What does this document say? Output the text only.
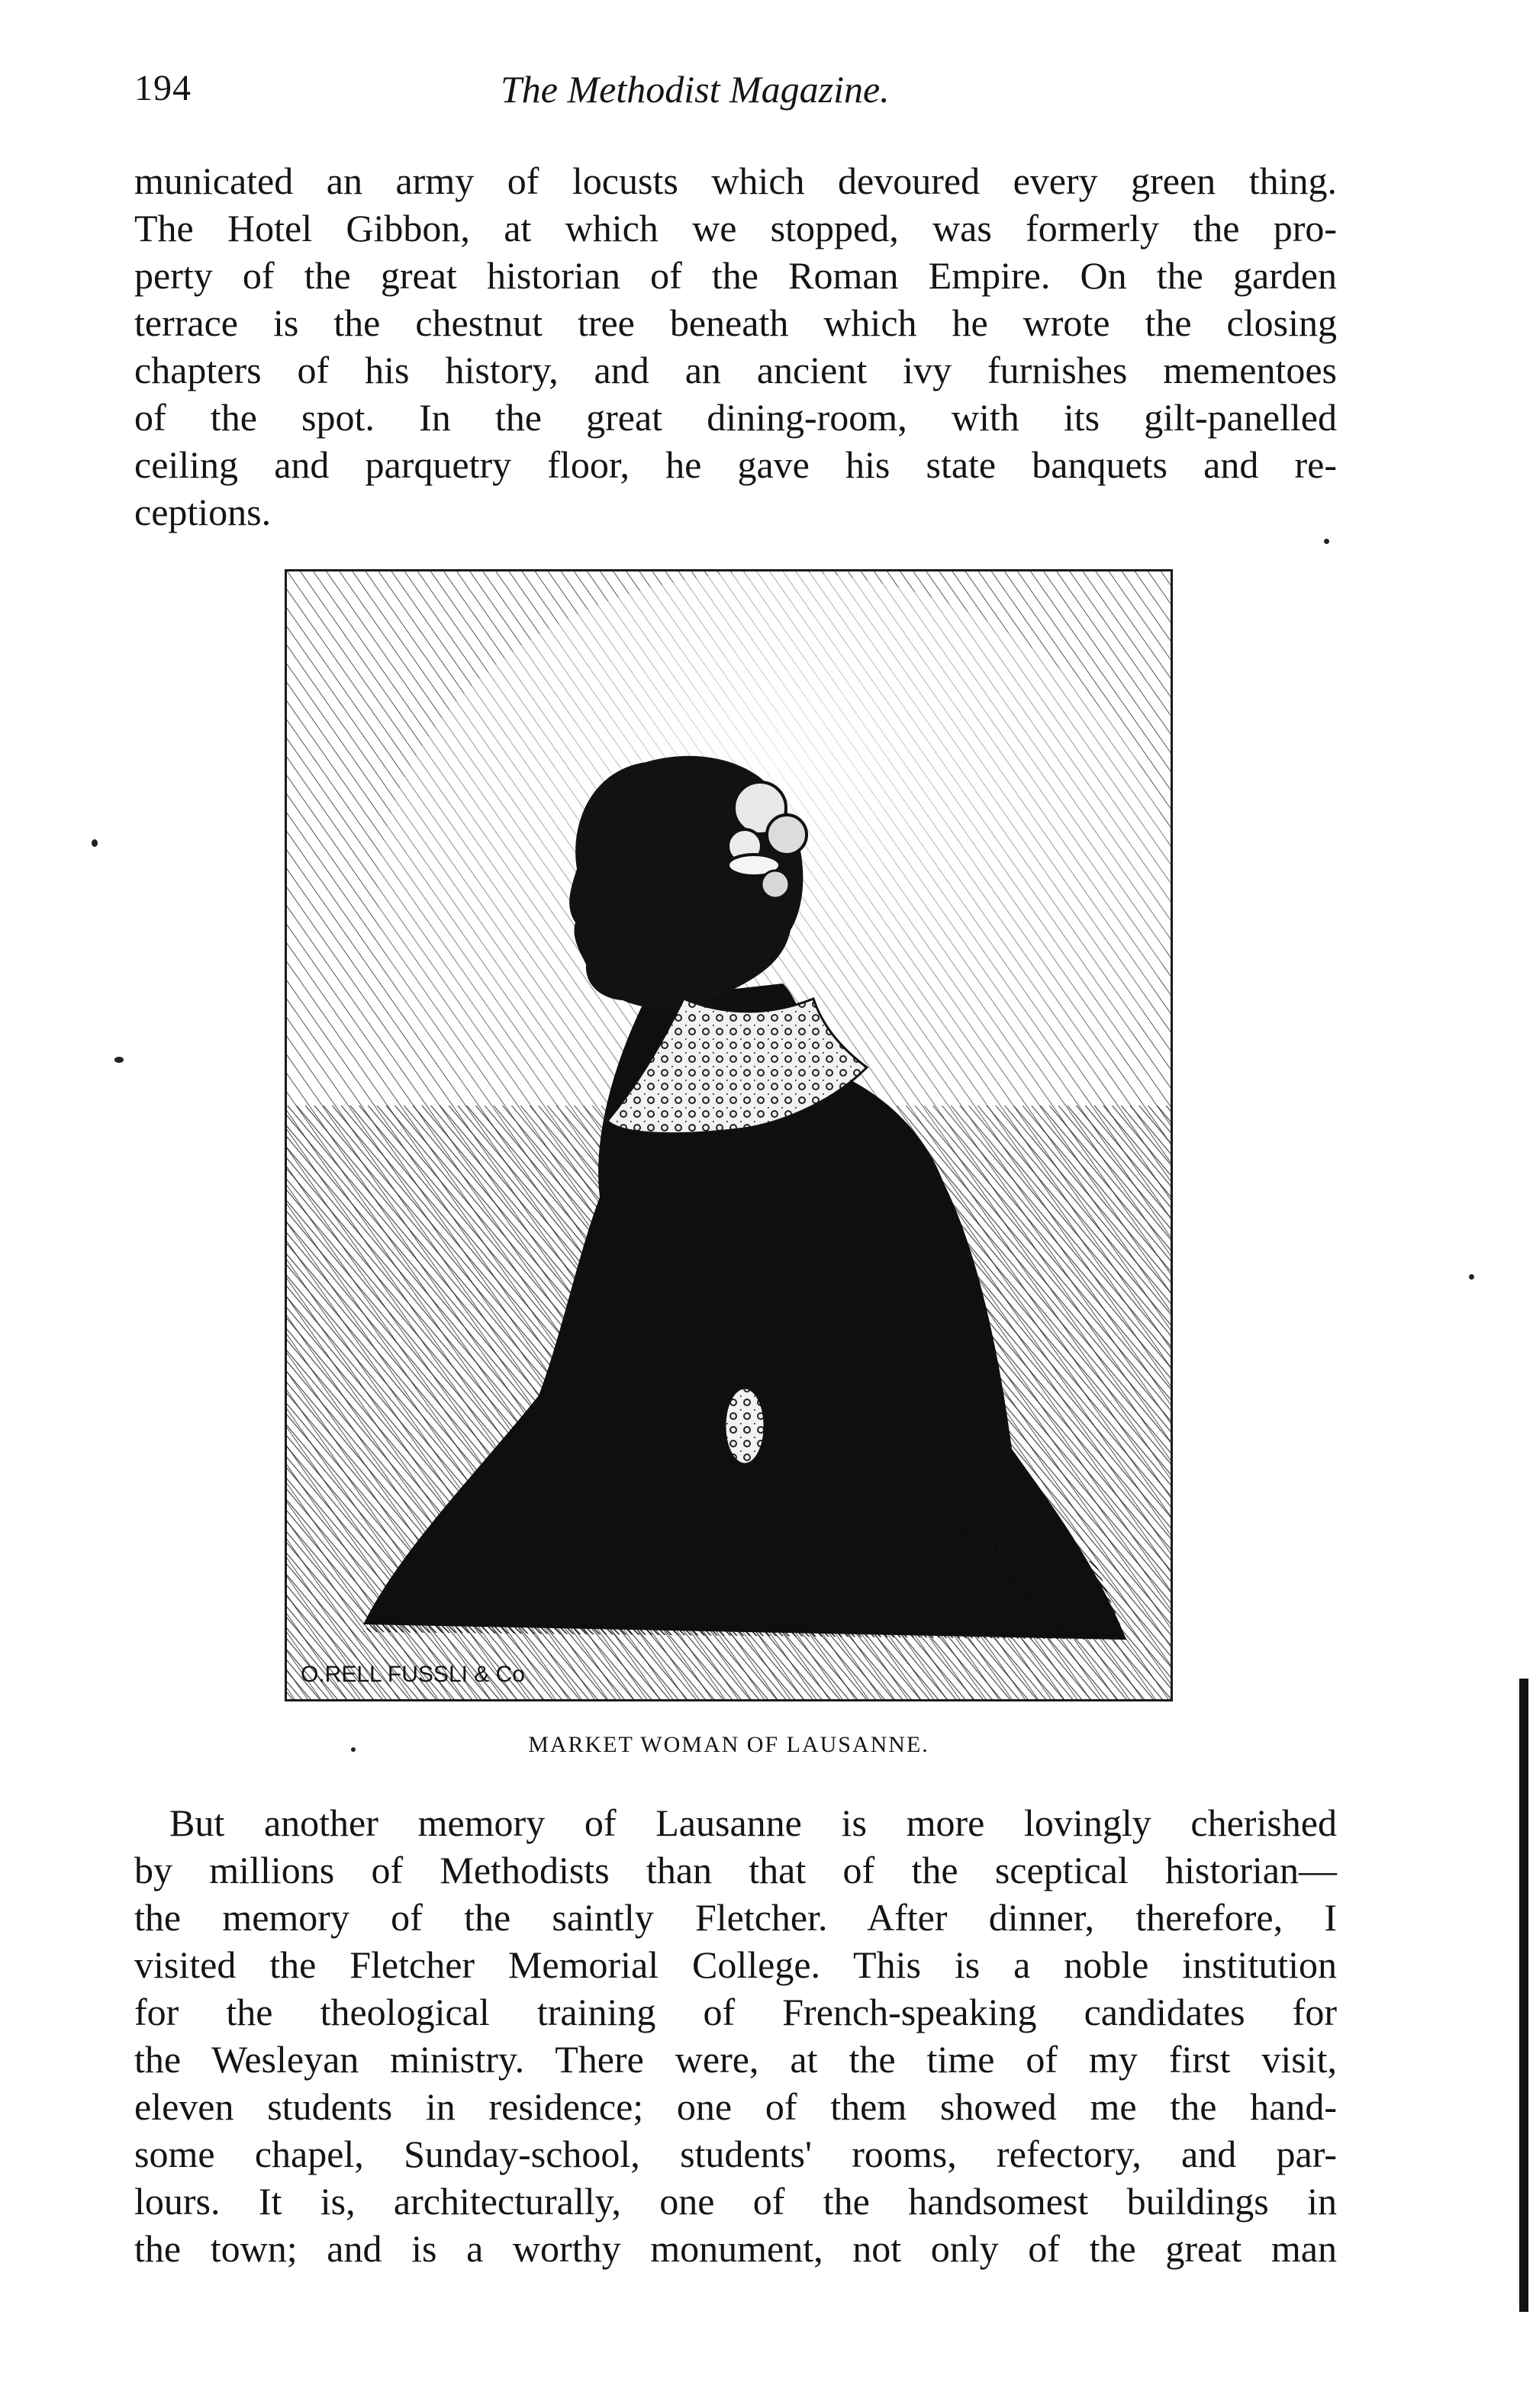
194	The Methodist Magazine.

municated an army of locusts which devoured every green thing.
The Hotel Gibbon, at which we stopped, was formerly the pro-
perty of the great historian of the Roman Empire. On the garden
terrace is the chestnut tree beneath which he wrote the closing
chapters of his history, and an ancient ivy furnishes mementoes
of the spot. In the great dining-room, with its gilt-panelled
ceiling and parquetry floor, he gave his state banquets and re-
ceptions.

O.RELL FUSSLI & Co
Weber
MARKET WOMAN OF LAUSANNE.

But another memory of Lausanne is more lovingly cherished
by millions of Methodists than that of the sceptical historian—
the memory of the saintly Fletcher. After dinner, therefore, I
visited the Fletcher Memorial College. This is a noble institution
for the theological training of French-speaking candidates for
the Wesleyan ministry. There were, at the time of my first visit,
eleven students in residence; one of them showed me the hand-
some chapel, Sunday-school, students' rooms, refectory, and par-
lours. It is, architecturally, one of the handsomest buildings in
the town; and is a worthy monument, not only of the great man
